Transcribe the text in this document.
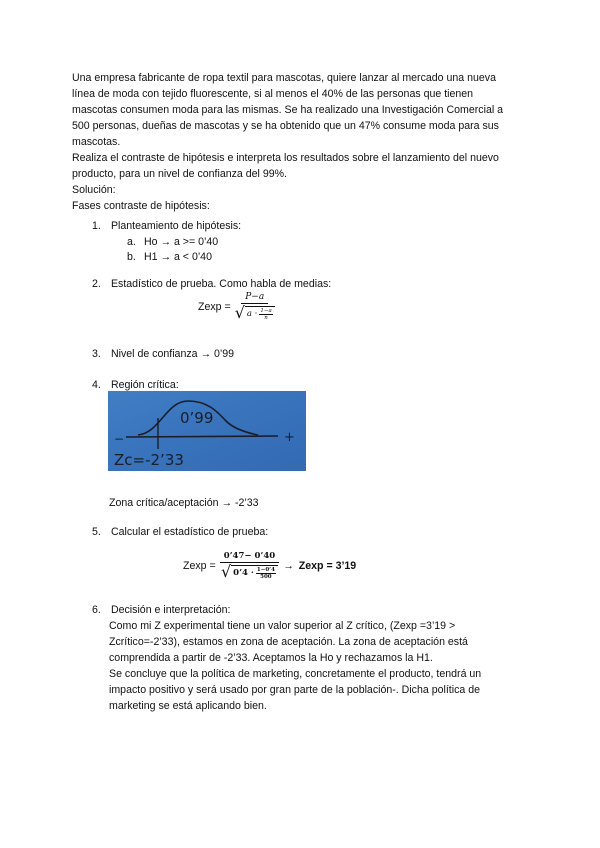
Una empresa fabricante de ropa textil para mascotas, quiere lanzar al mercado una nueva
línea de moda con tejido fluorescente, si al menos el 40% de las personas que tienen
mascotas consumen moda para las mismas. Se ha realizado una Investigación Comercial a
500 personas, dueñas de mascotas y se ha obtenido que un 47% consume moda para sus
mascotas.
Realiza el contraste de hipótesis e interpreta los resultados sobre el lanzamiento del nuevo
producto, para un nivel de confianza del 99%.
Solución:
Fases contraste de hipótesis:
1. Planteamiento de hipótesis:
a. Ho → a >= 0’40
b. H1 → a < 0’40
2. Estadístico de prueba. Como habla de medias:
$Zexp = \frac{P-a}{√ a \cdot \frac{1-a}{n}}$
3. Nivel de confianza → 0’99
4. Región crítica:
0’99
−	+
Zc=-2’33
Zona crítica/aceptación → -2’33
5. Calcular el estadístico de prueba:
Zexp =
0’47− 0’40
√ 0’4 · $\frac{1-0’4}{500}$
→ Zexp = 3’19
6. Decisión e interpretación:
Como mi Z experimental tiene un valor superior al Z crítico, (Zexp =3’19 >
Zcrítico=-2’33), estamos en zona de aceptación. La zona de aceptación está
comprendida a partir de -2’33. Aceptamos la Ho y rechazamos la H1.
Se concluye que la política de marketing, concretamente el producto, tendrá un
impacto positivo y será usado por gran parte de la población-. Dicha política de
marketing se está aplicando bien.
